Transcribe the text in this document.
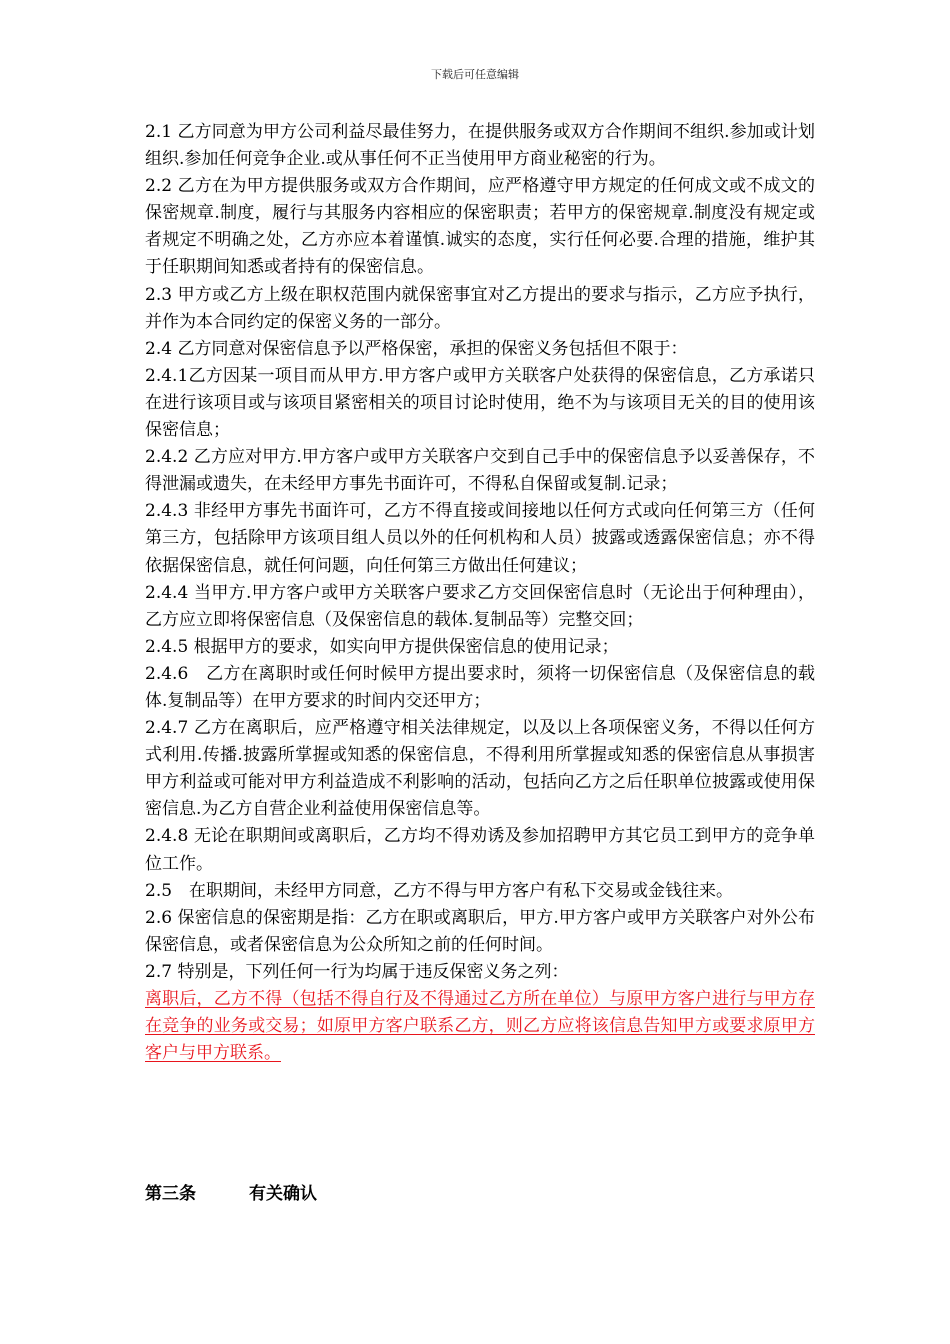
下载后可任意编辑

2.1 乙方同意为甲方公司利益尽最佳努力，在提供服务或双方合作期间不组织.参加或计划组织.参加任何竞争企业.或从事任何不正当使用甲方商业秘密的行为。

2.2 乙方在为甲方提供服务或双方合作期间，应严格遵守甲方规定的任何成文或不成文的保密规章.制度，履行与其服务内容相应的保密职责；若甲方的保密规章.制度没有规定或者规定不明确之处，乙方亦应本着谨慎.诚实的态度，实行任何必要.合理的措施，维护其于任职期间知悉或者持有的保密信息。

2.3 甲方或乙方上级在职权范围内就保密事宜对乙方提出的要求与指示，乙方应予执行，并作为本合同约定的保密义务的一部分。

2.4 乙方同意对保密信息予以严格保密，承担的保密义务包括但不限于：

2.4.1乙方因某一项目而从甲方.甲方客户或甲方关联客户处获得的保密信息，乙方承诺只在进行该项目或与该项目紧密相关的项目讨论时使用，绝不为与该项目无关的目的使用该保密信息；

2.4.2 乙方应对甲方.甲方客户或甲方关联客户交到自己手中的保密信息予以妥善保存，不得泄漏或遗失，在未经甲方事先书面许可，不得私自保留或复制.记录；

2.4.3 非经甲方事先书面许可，乙方不得直接或间接地以任何方式或向任何第三方（任何第三方，包括除甲方该项目组人员以外的任何机构和人员）披露或透露保密信息；亦不得依据保密信息，就任何问题，向任何第三方做出任何建议；

2.4.4 当甲方.甲方客户或甲方关联客户要求乙方交回保密信息时（无论出于何种理由），乙方应立即将保密信息（及保密信息的载体.复制品等）完整交回；

2.4.5 根据甲方的要求，如实向甲方提供保密信息的使用记录；

2.4.6　乙方在离职时或任何时候甲方提出要求时，须将一切保密信息（及保密信息的载体.复制品等）在甲方要求的时间内交还甲方；

2.4.7 乙方在离职后，应严格遵守相关法律规定，以及以上各项保密义务，不得以任何方式利用.传播.披露所掌握或知悉的保密信息，不得利用所掌握或知悉的保密信息从事损害甲方利益或可能对甲方利益造成不利影响的活动，包括向乙方之后任职单位披露或使用保密信息.为乙方自营企业利益使用保密信息等。

2.4.8 无论在职期间或离职后，乙方均不得劝诱及参加招聘甲方其它员工到甲方的竞争单位工作。

2.5　在职期间，未经甲方同意，乙方不得与甲方客户有私下交易或金钱往来。

2.6 保密信息的保密期是指：乙方在职或离职后，甲方.甲方客户或甲方关联客户对外公布保密信息，或者保密信息为公众所知之前的任何时间。

2.7 特别是，下列任何一行为均属于违反保密义务之列：

离职后，乙方不得（包括不得自行及不得通过乙方所在单位）与原甲方客户进行与甲方存在竞争的业务或交易；如原甲方客户联系乙方，则乙方应将该信息告知甲方或要求原甲方客户与甲方联系。

第三条	有关确认
